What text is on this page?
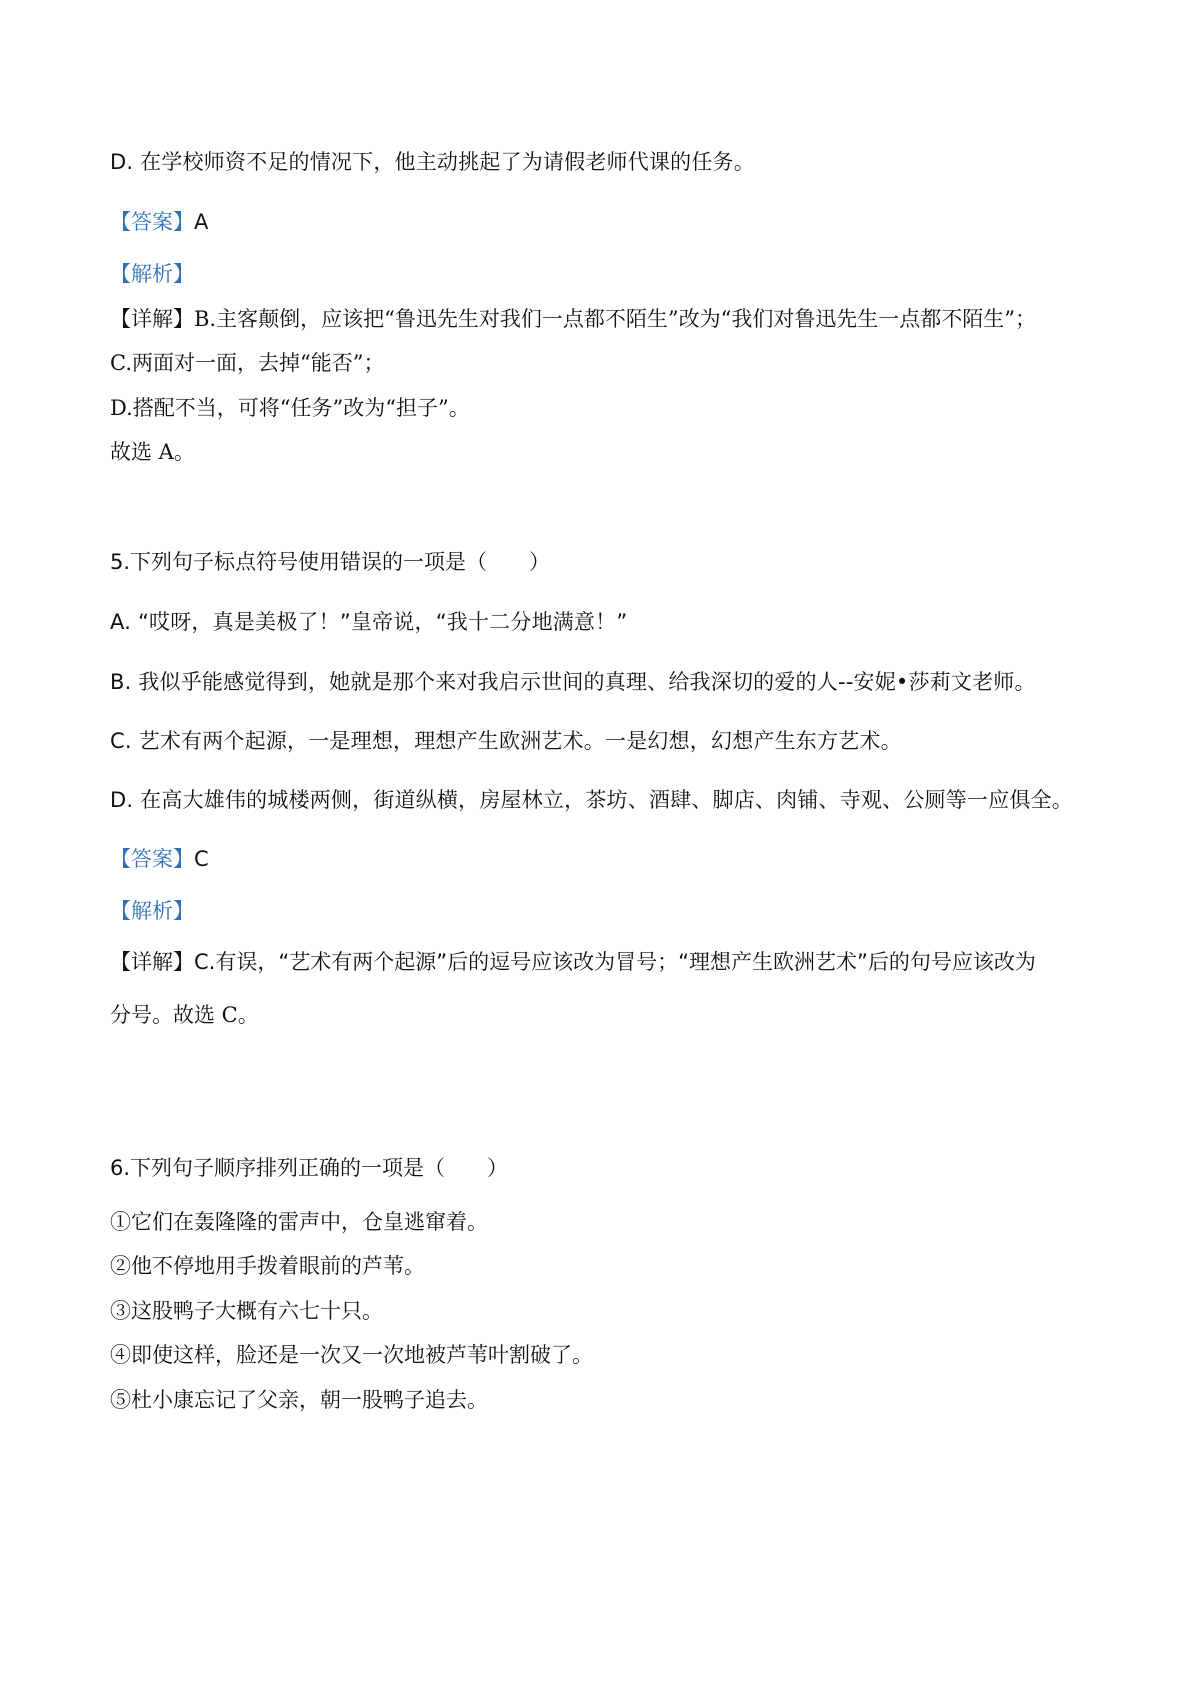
D. 在学校师资不足的情况下，他主动挑起了为请假老师代课的任务。
【答案】A
【解析】
【详解】B.主客颠倒，应该把“鲁迅先生对我们一点都不陌生”改为“我们对鲁迅先生一点都不陌生”；
C.两面对一面，去掉“能否”；
D.搭配不当，可将“任务”改为“担子”。
故选 A。
5.下列句子标点符号使用错误的一项是（　　）
A. “哎呀，真是美极了！”皇帝说，“我十二分地满意！”
B. 我似乎能感觉得到，她就是那个来对我启示世间的真理、给我深切的爱的人--安妮•莎莉文老师。
C. 艺术有两个起源，一是理想，理想产生欧洲艺术。一是幻想，幻想产生东方艺术。
D. 在高大雄伟的城楼两侧，街道纵横，房屋林立，茶坊、酒肆、脚店、肉铺、寺观、公厕等一应俱全。
【答案】C
【解析】
【详解】C.有误，“艺术有两个起源”后的逗号应该改为冒号；“理想产生欧洲艺术”后的句号应该改为
分号。故选 C。
6.下列句子顺序排列正确的一项是（　　）
①它们在轰隆隆的雷声中，仓皇逃窜着。
②他不停地用手拨着眼前的芦苇。
③这股鸭子大概有六七十只。
④即使这样，脸还是一次又一次地被芦苇叶割破了。
⑤杜小康忘记了父亲，朝一股鸭子追去。
